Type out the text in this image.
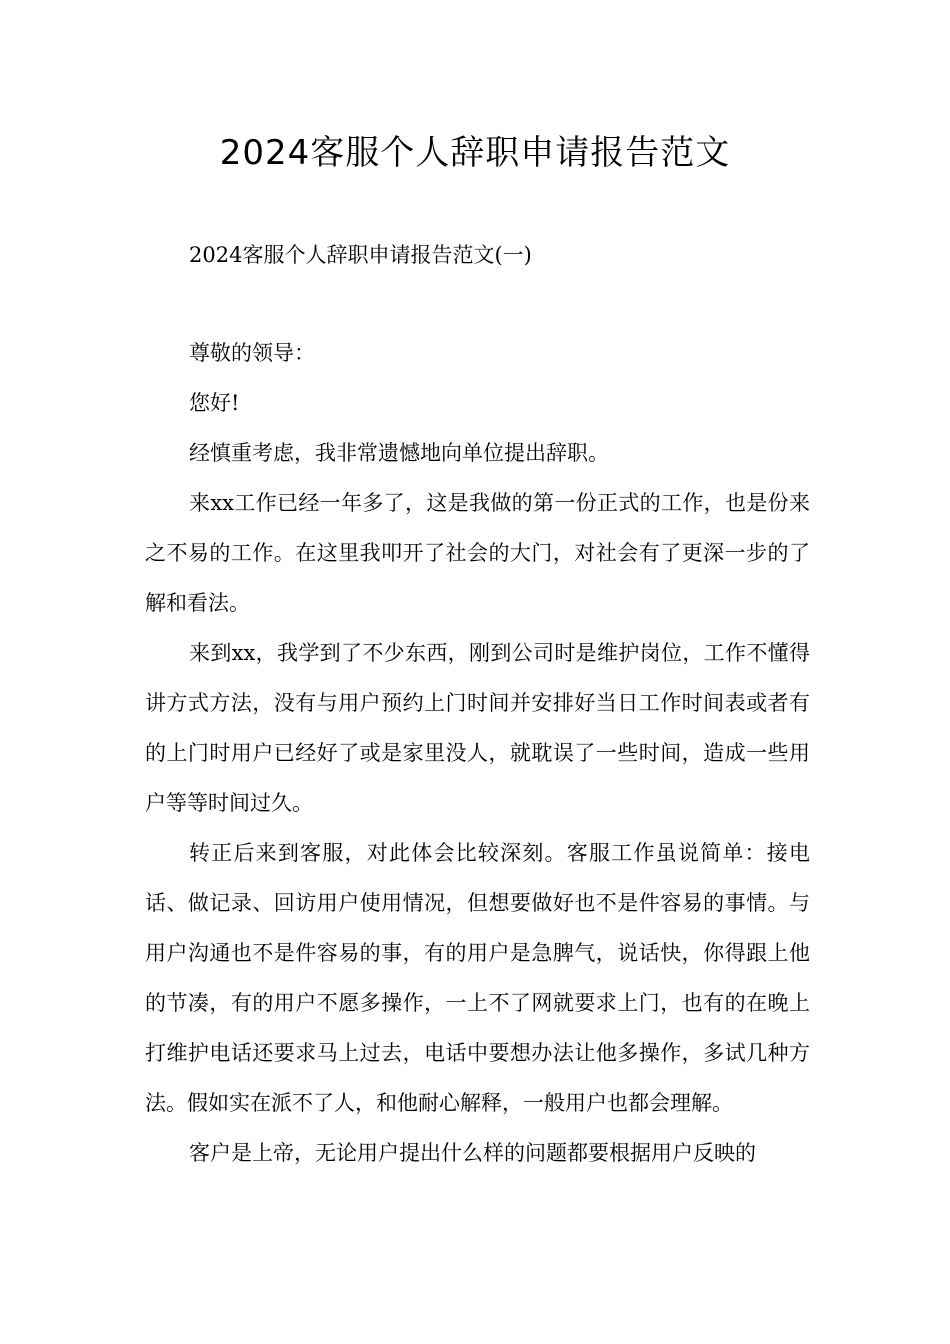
2024客服个人辞职申请报告范文

2024客服个人辞职申请报告范文(一)

尊敬的领导：

您好!

经慎重考虑，我非常遗憾地向单位提出辞职。

来xx工作已经一年多了，这是我做的第一份正式的工作，也是份来之不易的工作。在这里我叩开了社会的大门，对社会有了更深一步的了解和看法。

来到xx，我学到了不少东西，刚到公司时是维护岗位，工作不懂得讲方式方法，没有与用户预约上门时间并安排好当日工作时间表或者有的上门时用户已经好了或是家里没人，就耽误了一些时间，造成一些用户等等时间过久。

转正后来到客服，对此体会比较深刻。客服工作虽说简单：接电话、做记录、回访用户使用情况，但想要做好也不是件容易的事情。与用户沟通也不是件容易的事，有的用户是急脾气，说话快，你得跟上他的节凑，有的用户不愿多操作，一上不了网就要求上门，也有的在晚上打维护电话还要求马上过去，电话中要想办法让他多操作，多试几种方法。假如实在派不了人，和他耐心解释，一般用户也都会理解。

客户是上帝，无论用户提出什么样的问题都要根据用户反映的
